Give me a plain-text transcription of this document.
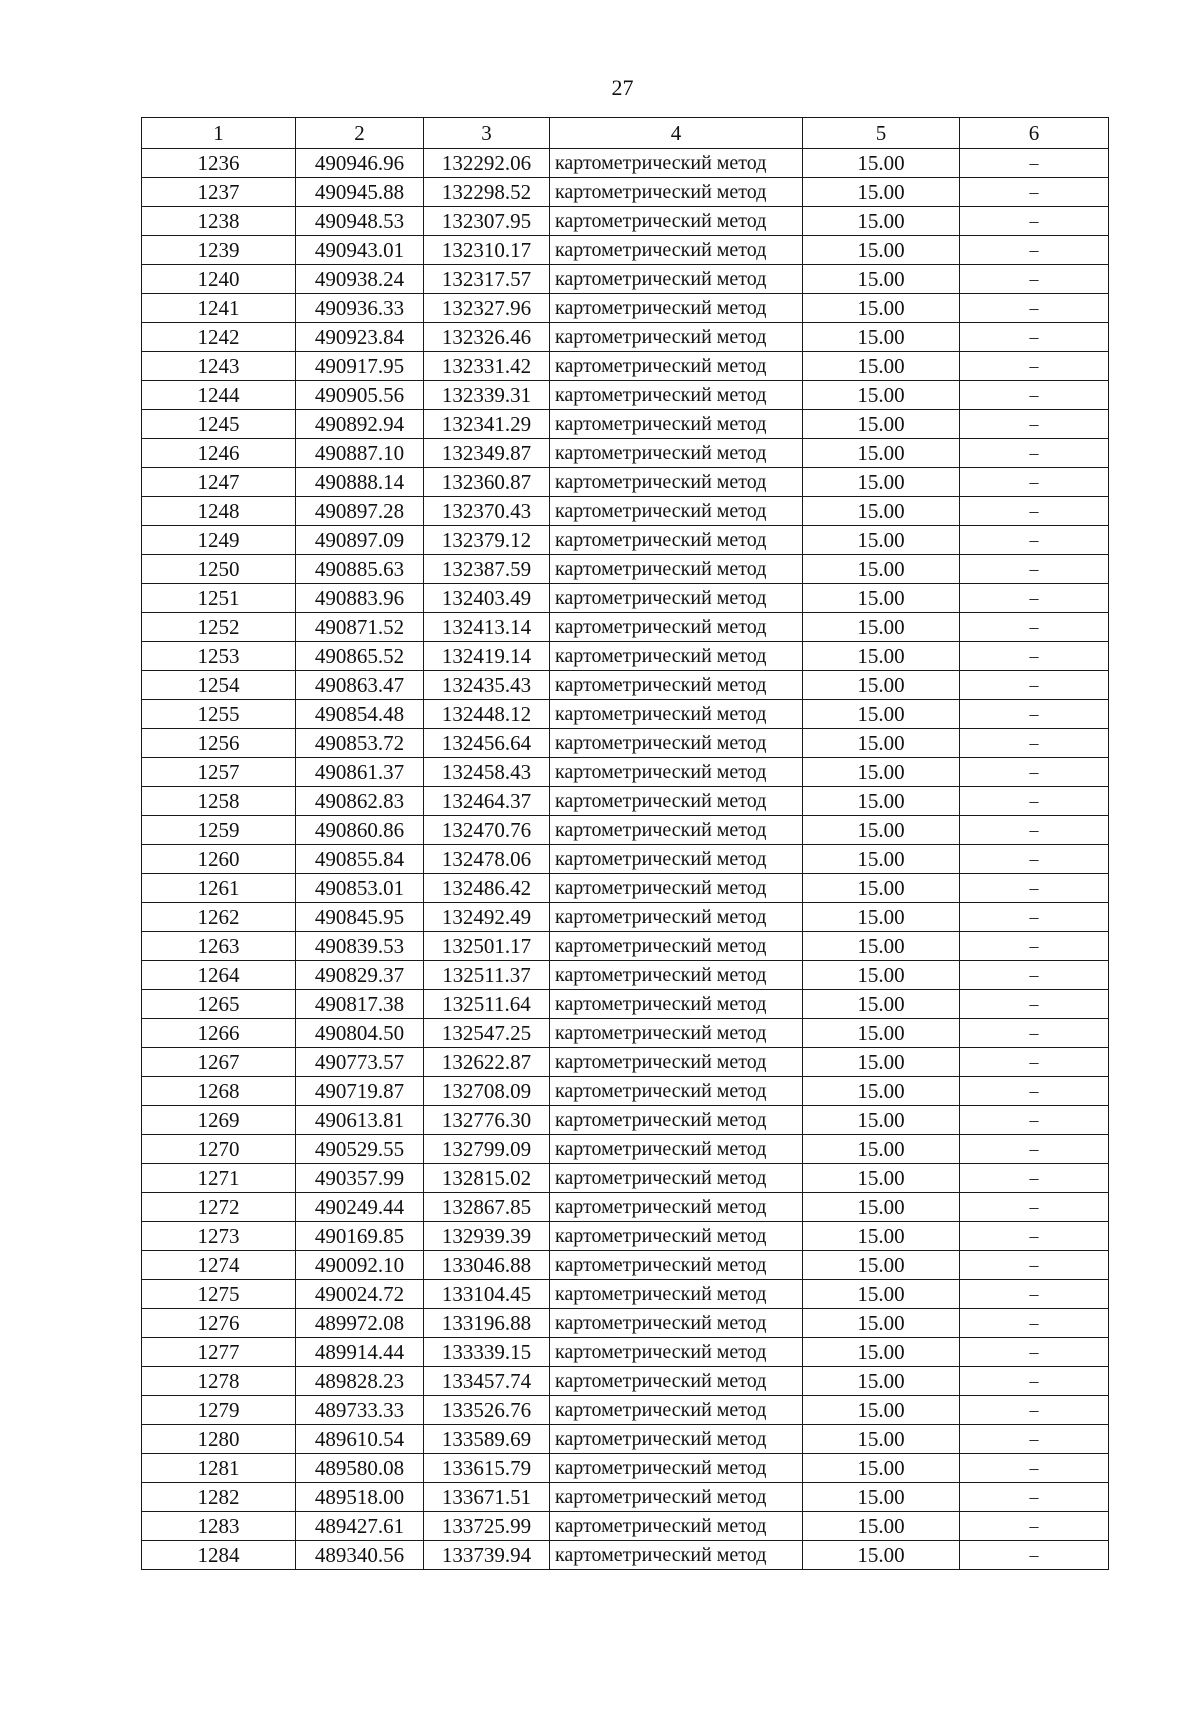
27
1	2	3	4	5	6
1236	490946.96	132292.06	картометрический метод	15.00	–
1237	490945.88	132298.52	картометрический метод	15.00	–
1238	490948.53	132307.95	картометрический метод	15.00	–
1239	490943.01	132310.17	картометрический метод	15.00	–
1240	490938.24	132317.57	картометрический метод	15.00	–
1241	490936.33	132327.96	картометрический метод	15.00	–
1242	490923.84	132326.46	картометрический метод	15.00	–
1243	490917.95	132331.42	картометрический метод	15.00	–
1244	490905.56	132339.31	картометрический метод	15.00	–
1245	490892.94	132341.29	картометрический метод	15.00	–
1246	490887.10	132349.87	картометрический метод	15.00	–
1247	490888.14	132360.87	картометрический метод	15.00	–
1248	490897.28	132370.43	картометрический метод	15.00	–
1249	490897.09	132379.12	картометрический метод	15.00	–
1250	490885.63	132387.59	картометрический метод	15.00	–
1251	490883.96	132403.49	картометрический метод	15.00	–
1252	490871.52	132413.14	картометрический метод	15.00	–
1253	490865.52	132419.14	картометрический метод	15.00	–
1254	490863.47	132435.43	картометрический метод	15.00	–
1255	490854.48	132448.12	картометрический метод	15.00	–
1256	490853.72	132456.64	картометрический метод	15.00	–
1257	490861.37	132458.43	картометрический метод	15.00	–
1258	490862.83	132464.37	картометрический метод	15.00	–
1259	490860.86	132470.76	картометрический метод	15.00	–
1260	490855.84	132478.06	картометрический метод	15.00	–
1261	490853.01	132486.42	картометрический метод	15.00	–
1262	490845.95	132492.49	картометрический метод	15.00	–
1263	490839.53	132501.17	картометрический метод	15.00	–
1264	490829.37	132511.37	картометрический метод	15.00	–
1265	490817.38	132511.64	картометрический метод	15.00	–
1266	490804.50	132547.25	картометрический метод	15.00	–
1267	490773.57	132622.87	картометрический метод	15.00	–
1268	490719.87	132708.09	картометрический метод	15.00	–
1269	490613.81	132776.30	картометрический метод	15.00	–
1270	490529.55	132799.09	картометрический метод	15.00	–
1271	490357.99	132815.02	картометрический метод	15.00	–
1272	490249.44	132867.85	картометрический метод	15.00	–
1273	490169.85	132939.39	картометрический метод	15.00	–
1274	490092.10	133046.88	картометрический метод	15.00	–
1275	490024.72	133104.45	картометрический метод	15.00	–
1276	489972.08	133196.88	картометрический метод	15.00	–
1277	489914.44	133339.15	картометрический метод	15.00	–
1278	489828.23	133457.74	картометрический метод	15.00	–
1279	489733.33	133526.76	картометрический метод	15.00	–
1280	489610.54	133589.69	картометрический метод	15.00	–
1281	489580.08	133615.79	картометрический метод	15.00	–
1282	489518.00	133671.51	картометрический метод	15.00	–
1283	489427.61	133725.99	картометрический метод	15.00	–
1284	489340.56	133739.94	картометрический метод	15.00	–
